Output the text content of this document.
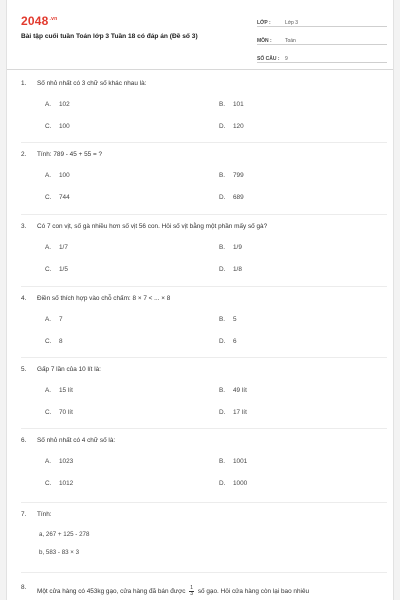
$2048^{.vn}$
Bài tập cuối tuần Toán lớp 3 Tuần 18 có đáp án (Đề số 3)
LỚP :	Lớp 3
MÔN :	Toán
SỐ CÂU :	9
1. Số nhỏ nhất có 3 chữ số khác nhau là:
A. 102	B. 101
C. 100	D. 120
2. Tính: 789 - 45 + 55 = ?
A. 100	B. 799
C. 744	D. 689
3. Có 7 con vịt, số gà nhiều hơn số vịt 56 con. Hỏi số vịt bằng một phần mấy số gà?
A. 1/7	B. 1/9
C. 1/5	D. 1/8
4. Điền số thích hợp vào chỗ chấm: 8 × 7 < ... × 8
A. 7	B. 5
C. 8	D. 6
5. Gấp 7 lần của 10 lít là:
A. 15 lít	B. 49 lít
C. 70 lít	D. 17 lít
6. Số nhỏ nhất có 4 chữ số là:
A. 1023	B. 1001
C. 1012	D. 1000
7. Tính:
a, 267 + 125 - 278
b, 583 - 83 × 3
8.
Một cửa hàng có 453kg gạo, cửa hàng đã bán được $\frac{1}{3}$ số gạo. Hỏi cửa hàng còn lại bao nhiêu
